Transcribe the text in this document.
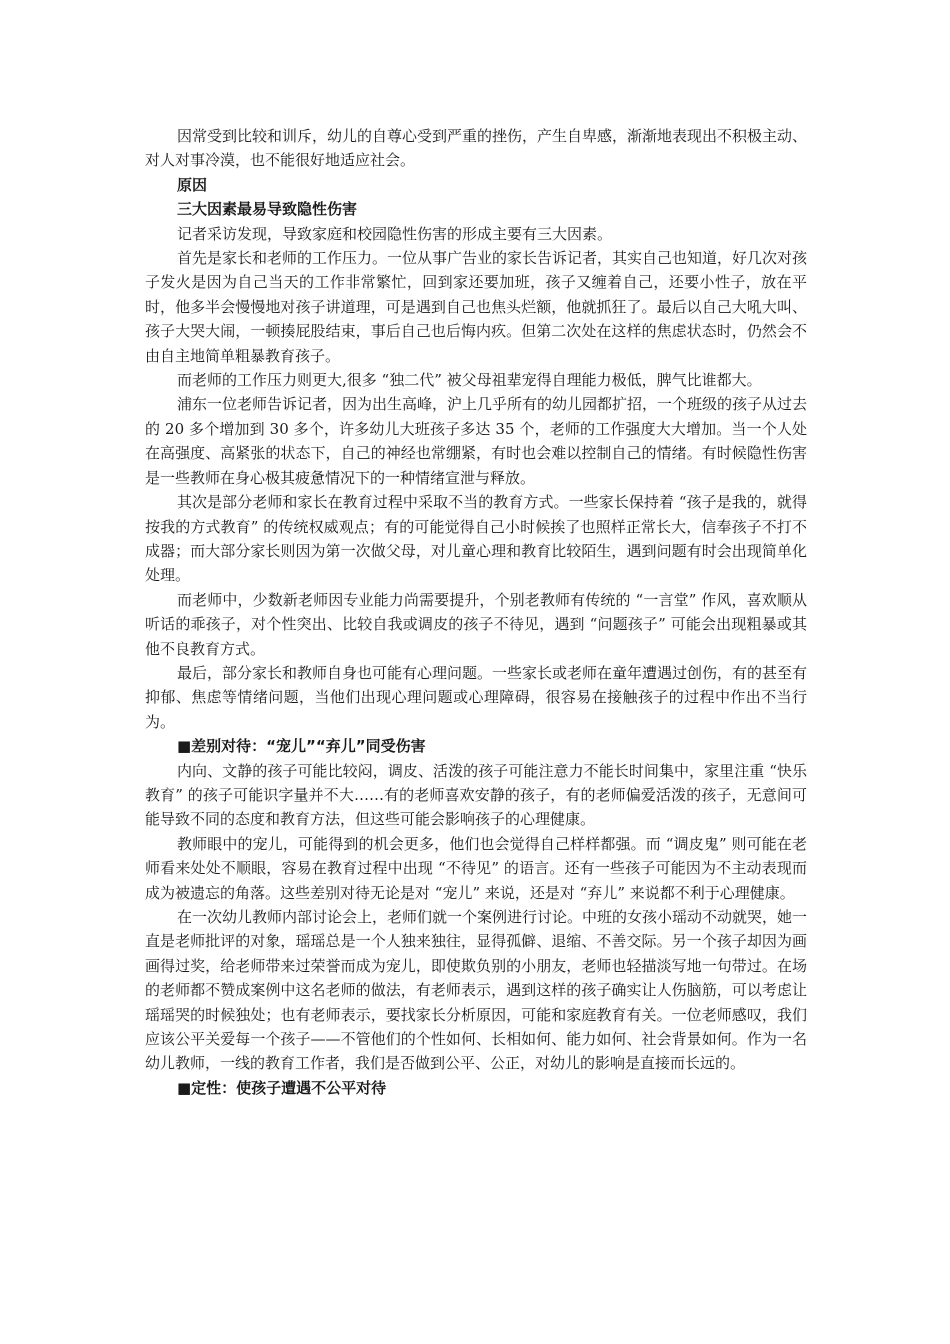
因常受到比较和训斥，幼儿的自尊心受到严重的挫伤，产生自卑感，渐渐地表现出不积极主动、对人对事冷漠，也不能很好地适应社会。

原因

三大因素最易导致隐性伤害

记者采访发现，导致家庭和校园隐性伤害的形成主要有三大因素。

首先是家长和老师的工作压力。一位从事广告业的家长告诉记者，其实自己也知道，好几次对孩子发火是因为自己当天的工作非常繁忙，回到家还要加班，孩子又缠着自己，还要小性子，放在平时，他多半会慢慢地对孩子讲道理，可是遇到自己也焦头烂额，他就抓狂了。最后以自己大吼大叫、孩子大哭大闹，一顿揍屁股结束，事后自己也后悔内疚。但第二次处在这样的焦虑状态时，仍然会不由自主地简单粗暴教育孩子。

而老师的工作压力则更大,很多 “独二代” 被父母祖辈宠得自理能力极低，脾气比谁都大。

浦东一位老师告诉记者，因为出生高峰，沪上几乎所有的幼儿园都扩招，一个班级的孩子从过去的 20 多个增加到 30 多个，许多幼儿大班孩子多达 35 个，老师的工作强度大大增加。当一个人处在高强度、高紧张的状态下，自己的神经也常绷紧，有时也会难以控制自己的情绪。有时候隐性伤害是一些教师在身心极其疲惫情况下的一种情绪宣泄与释放。

其次是部分老师和家长在教育过程中采取不当的教育方式。一些家长保持着 “孩子是我的，就得按我的方式教育” 的传统权威观点；有的可能觉得自己小时候挨了也照样正常长大，信奉孩子不打不成器；而大部分家长则因为第一次做父母，对儿童心理和教育比较陌生，遇到问题有时会出现简单化处理。

而老师中，少数新老师因专业能力尚需要提升，个别老教师有传统的 “一言堂” 作风，喜欢顺从听话的乖孩子，对个性突出、比较自我或调皮的孩子不待见，遇到 “问题孩子” 可能会出现粗暴或其他不良教育方式。

最后，部分家长和教师自身也可能有心理问题。一些家长或老师在童年遭遇过创伤，有的甚至有抑郁、焦虑等情绪问题，当他们出现心理问题或心理障碍，很容易在接触孩子的过程中作出不当行为。

■差别对待：“宠儿”“弃儿”同受伤害

内向、文静的孩子可能比较闷，调皮、活泼的孩子可能注意力不能长时间集中，家里注重 “快乐教育” 的孩子可能识字量并不大……有的老师喜欢安静的孩子，有的老师偏爱活泼的孩子，无意间可能导致不同的态度和教育方法，但这些可能会影响孩子的心理健康。

教师眼中的宠儿，可能得到的机会更多，他们也会觉得自己样样都强。而 “调皮鬼” 则可能在老师看来处处不顺眼，容易在教育过程中出现 “不待见” 的语言。还有一些孩子可能因为不主动表现而成为被遗忘的角落。这些差别对待无论是对 “宠儿” 来说，还是对 “弃儿” 来说都不利于心理健康。

在一次幼儿教师内部讨论会上，老师们就一个案例进行讨论。中班的女孩小瑶动不动就哭，她一直是老师批评的对象，瑶瑶总是一个人独来独往，显得孤僻、退缩、不善交际。另一个孩子却因为画画得过奖，给老师带来过荣誉而成为宠儿，即使欺负别的小朋友，老师也轻描淡写地一句带过。在场的老师都不赞成案例中这名老师的做法，有老师表示，遇到这样的孩子确实让人伤脑筋，可以考虑让瑶瑶哭的时候独处；也有老师表示，要找家长分析原因，可能和家庭教育有关。一位老师感叹，我们应该公平关爱每一个孩子——不管他们的个性如何、长相如何、能力如何、社会背景如何。作为一名幼儿教师，一线的教育工作者，我们是否做到公平、公正，对幼儿的影响是直接而长远的。

■定性：使孩子遭遇不公平对待
